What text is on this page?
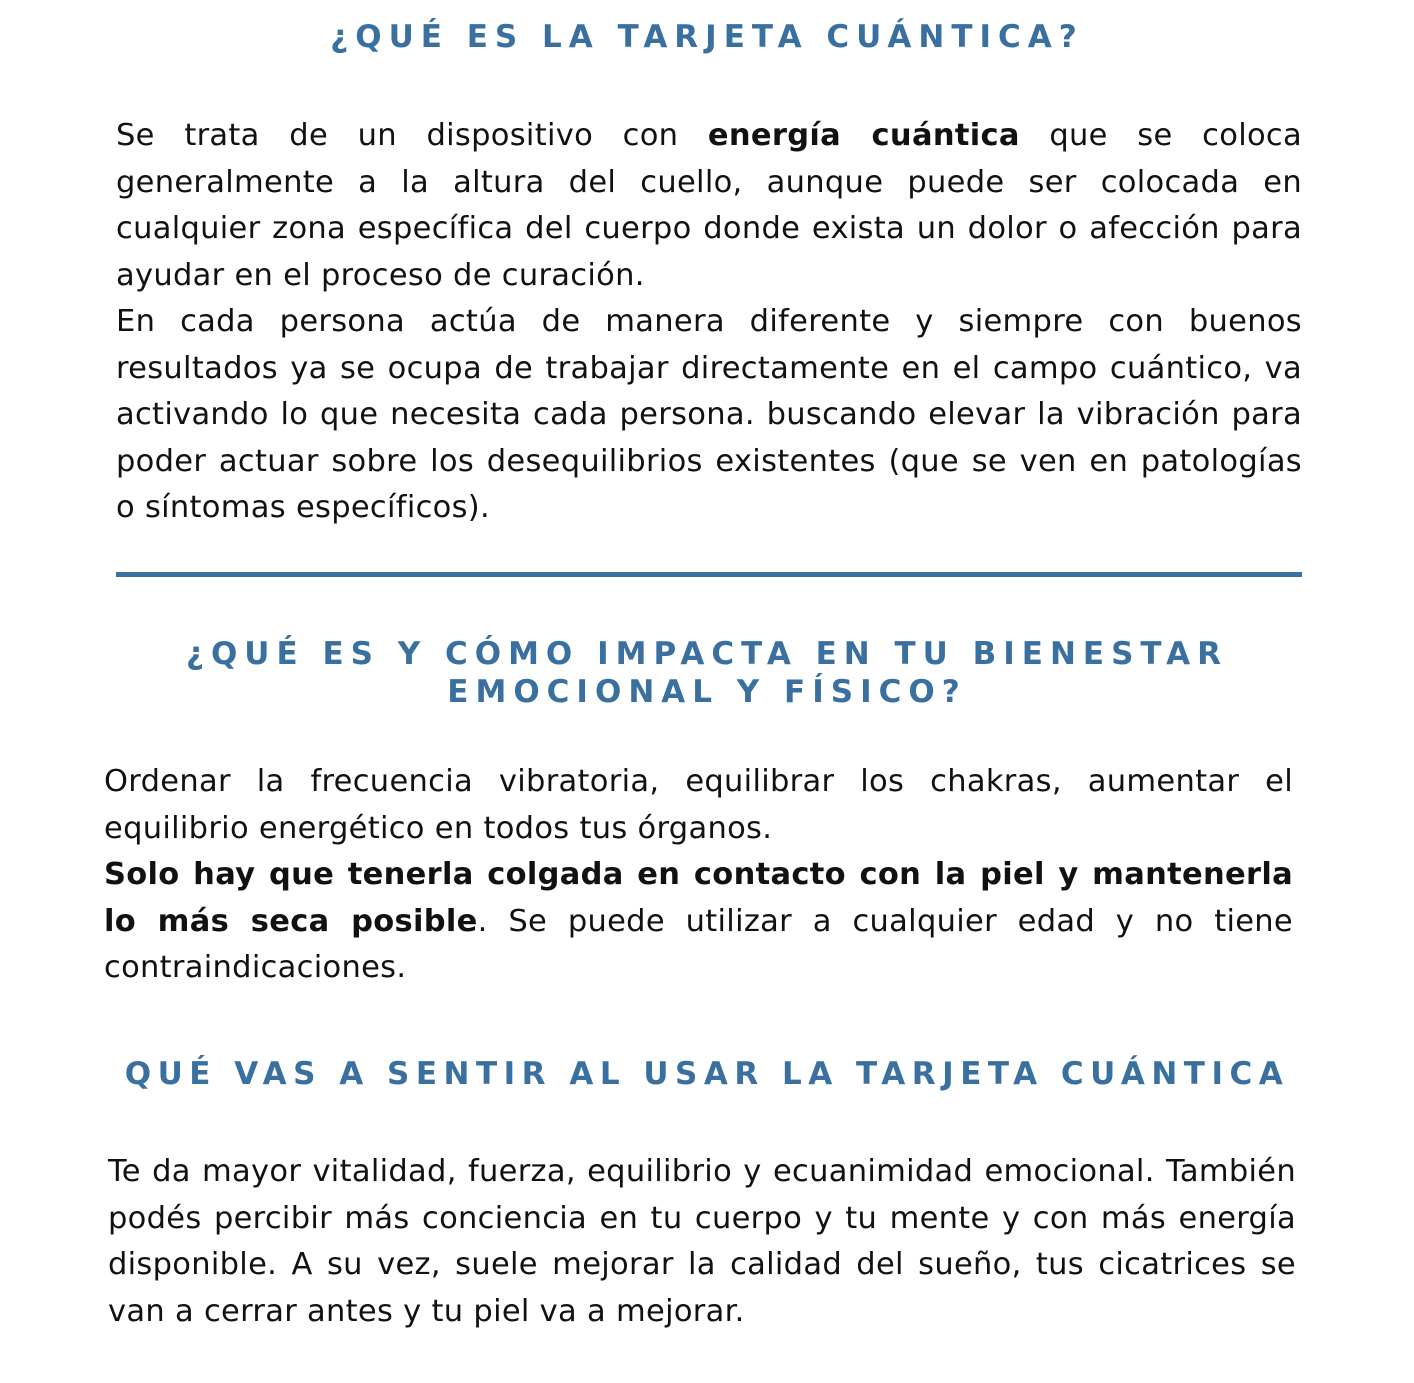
¿QUÉ ES LA TARJETA CUÁNTICA?

Se trata de un dispositivo con energía cuántica que se coloca generalmente a la altura del cuello, aunque puede ser colocada en cualquier zona específica del cuerpo donde exista un dolor o afección para ayudar en el proceso de curación.

En cada persona actúa de manera diferente y siempre con buenos resultados ya se ocupa de trabajar directamente en el campo cuántico, va activando lo que necesita cada persona. buscando elevar la vibración para poder actuar sobre los desequilibrios existentes (que se ven en patologías o síntomas específicos).

¿QUÉ ES Y CÓMO IMPACTA EN TU BIENESTAR
EMOCIONAL Y FÍSICO?

Ordenar la frecuencia vibratoria, equilibrar los chakras, aumentar el equilibrio energético en todos tus órganos.

Solo hay que tenerla colgada en contacto con la piel y mantenerla lo más seca posible. Se puede utilizar a cualquier edad y no tiene contraindicaciones.

QUÉ VAS A SENTIR AL USAR LA TARJETA CUÁNTICA

Te da mayor vitalidad, fuerza, equilibrio y ecuanimidad emocional. También podés percibir más conciencia en tu cuerpo y tu mente y con más energía disponible. A su vez, suele mejorar la calidad del sueño, tus cicatrices se van a cerrar antes y tu piel va a mejorar.
